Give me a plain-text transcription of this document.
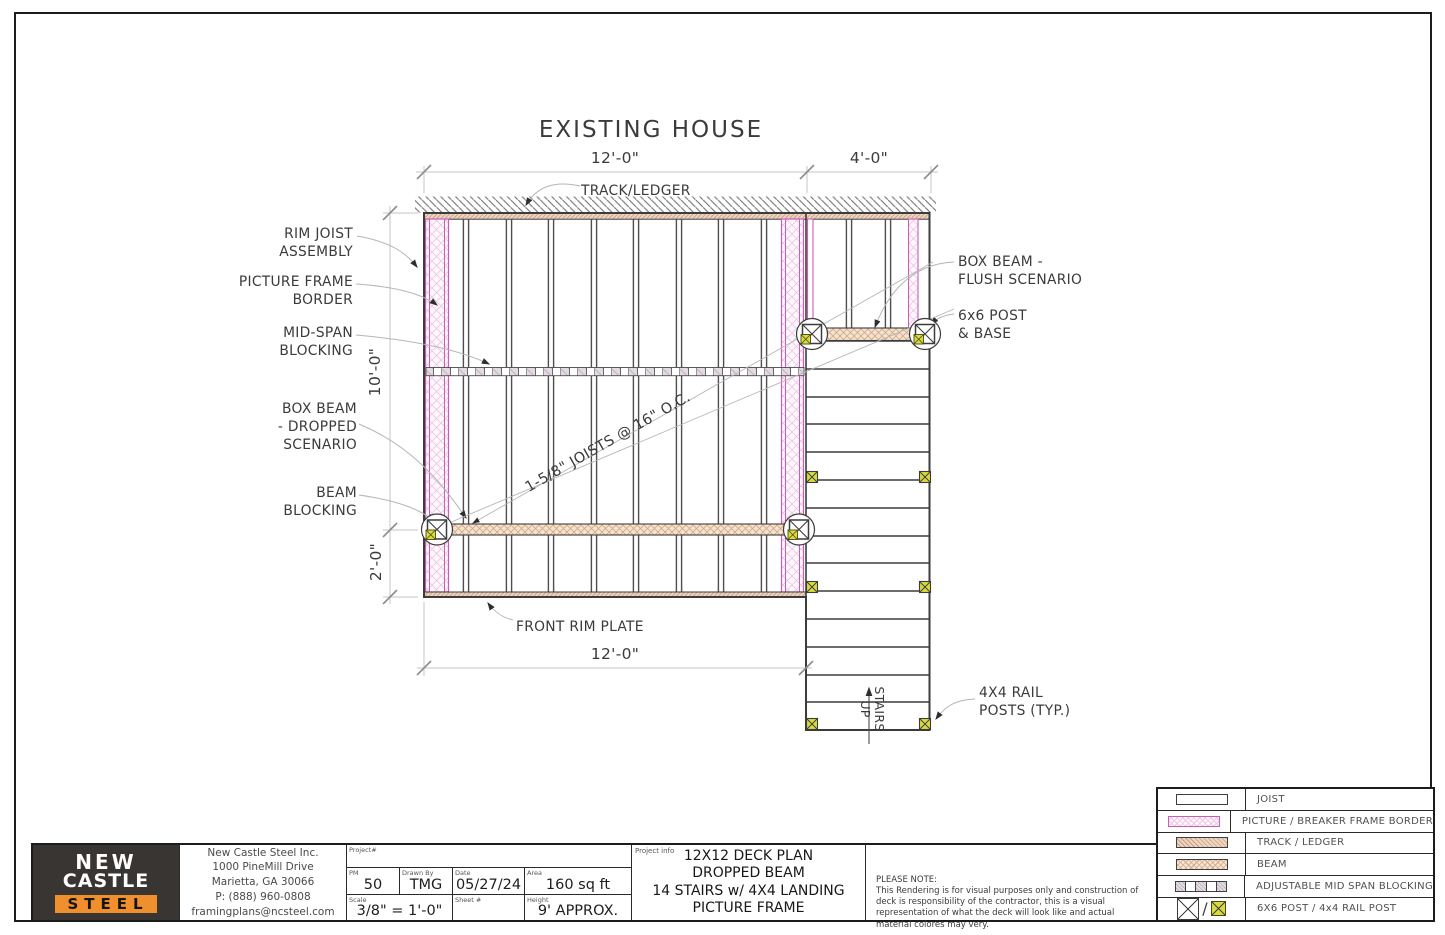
EXISTING HOUSE
12'-0"	4'-0"
10'-0"
2'-0"
12'-0"
TRACK/LEDGER
RIM JOIST
ASSEMBLY
PICTURE FRAME
BORDER
MID-SPAN
BLOCKING
BOX BEAM
- DROPPED
SCENARIO
BEAM
BLOCKING
FRONT RIM PLATE
1-5/8" JOISTS @ 16" O.C.
BOX BEAM -
FLUSH SCENARIO
6x6 POST
& BASE
4X4 RAIL
POSTS (TYP.)
STAIRS
UP
NEW
CASTLE
STEEL
New Castle Steel Inc.
1000 PineMill Drive
Marietta, GA 30066
P: (888) 960-0808
framingplans@ncsteel.com
Project#
PM
50
Drawn By
TMG
Date
05/27/24
Area
160 sq ft
Scale
3/8" = 1'-0"
Sheet #	Height
9' APPROX.
Project info 12X12 DECK PLAN
DROPPED BEAM
14 STAIRS w/ 4X4 LANDING
PICTURE FRAME
PLEASE NOTE:
This Rendering is for visual purposes only and construction of deck is responsibility of the contractor, this is a visual representation of what the deck will look like and actual material colores may very.
JOIST
PICTURE / BREAKER FRAME BORDER
TRACK / LEDGER
BEAM
ADJUSTABLE MID SPAN BLOCKING
/	6X6 POST / 4x4 RAIL POST
